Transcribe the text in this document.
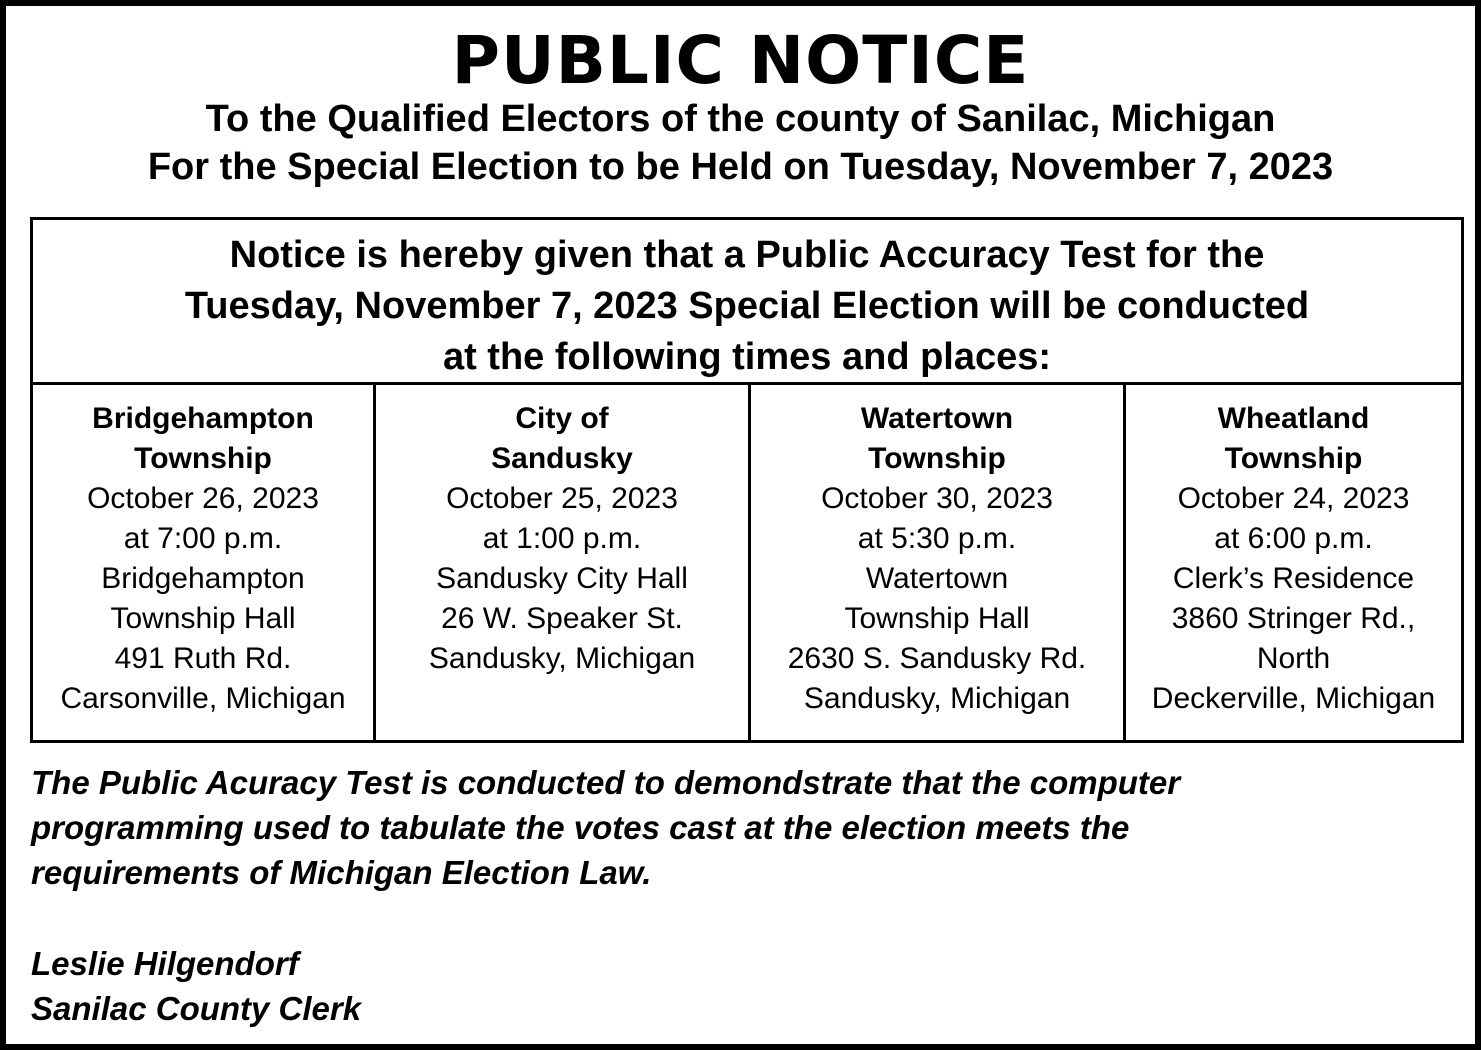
PUBLIC NOTICE
To the Qualified Electors of the county of Sanilac, Michigan
For the Special Election to be Held on Tuesday, November 7, 2023
Notice is hereby given that a Public Accuracy Test for the
Tuesday, November 7, 2023 Special Election will be conducted
at the following times and places:
Bridgehampton
Township
October 26, 2023
at 7:00 p.m.
Bridgehampton
Township Hall
491 Ruth Rd.
Carsonville, Michigan
City of
Sandusky
October 25, 2023
at 1:00 p.m.
Sandusky City Hall
26 W. Speaker St.
Sandusky, Michigan
Watertown
Township
October 30, 2023
at 5:30 p.m.
Watertown
Township Hall
2630 S. Sandusky Rd.
Sandusky, Michigan
Wheatland
Township
October 24, 2023
at 6:00 p.m.
Clerk’s Residence
3860 Stringer Rd.,
North
Deckerville, Michigan
The Public Acuracy Test is conducted to demondstrate that the computer
programming used to tabulate the votes cast at the election meets the
requirements of Michigan Election Law.
Leslie Hilgendorf
Sanilac County Clerk
